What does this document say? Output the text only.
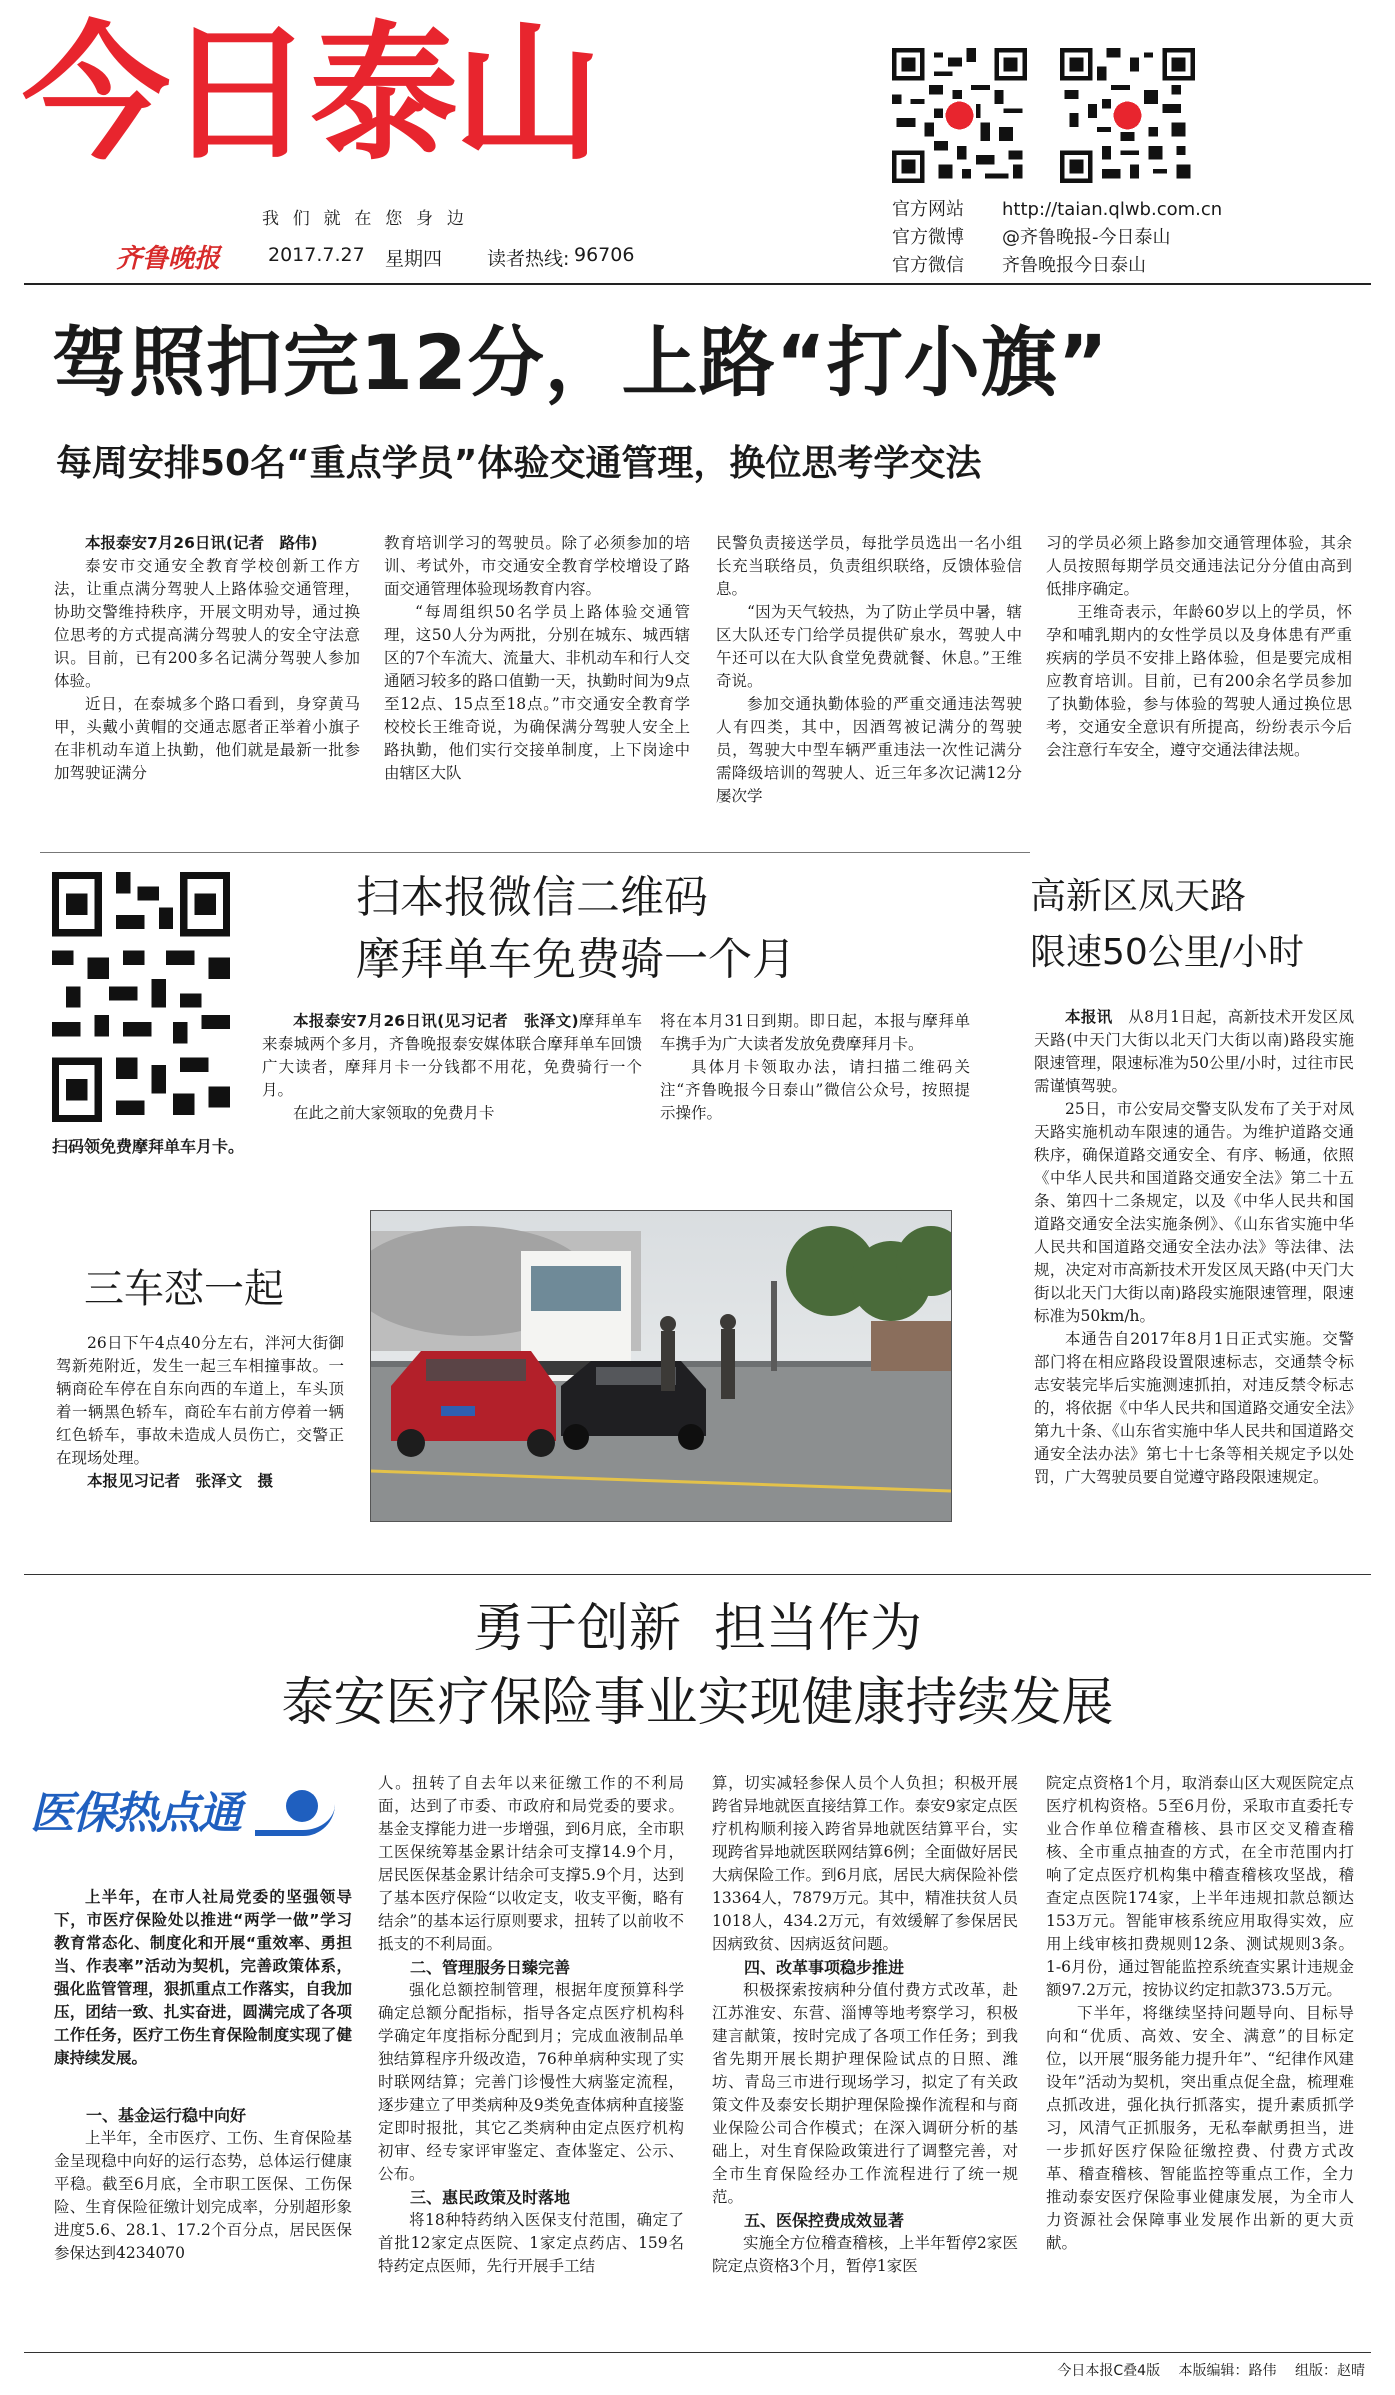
今日泰山
我  们  就  在  您  身  边
齐鲁晚报	2017.7.27 星期四 读者热线: 96706
官方网站 http://taian.qlwb.com.cn
官方微博 @齐鲁晚报-今日泰山
官方微信 齐鲁晚报今日泰山
驾照扣完12分，上路“打小旗”
每周安排50名“重点学员”体验交通管理，换位思考学交法

本报泰安7月26日讯(记者　路伟)

泰安市交通安全教育学校创新工作方法，让重点满分驾驶人上路体验交通管理，协助交警维持秩序，开展文明劝导，通过换位思考的方式提高满分驾驶人的安全守法意识。目前，已有200多名记满分驾驶人参加体验。

近日，在泰城多个路口看到，身穿黄马甲，头戴小黄帽的交通志愿者正举着小旗子在非机动车道上执勤，他们就是最新一批参加驾驶证满分

教育培训学习的驾驶员。除了必须参加的培训、考试外，市交通安全教育学校增设了路面交通管理体验现场教育内容。

“每周组织50名学员上路体验交通管理，这50人分为两批，分别在城东、城西辖区的7个车流大、流量大、非机动车和行人交通陋习较多的路口值勤一天，执勤时间为9点至12点、15点至18点。”市交通安全教育学校校长王维奇说，为确保满分驾驶人安全上路执勤，他们实行交接单制度，上下岗途中由辖区大队

民警负责接送学员，每批学员选出一名小组长充当联络员，负责组织联络，反馈体验信息。

“因为天气较热，为了防止学员中暑，辖区大队还专门给学员提供矿泉水，驾驶人中午还可以在大队食堂免费就餐、休息。”王维奇说。

参加交通执勤体验的严重交通违法驾驶人有四类，其中，因酒驾被记满分的驾驶员，驾驶大中型车辆严重违法一次性记满分需降级培训的驾驶人、近三年多次记满12分屡次学

习的学员必须上路参加交通管理体验，其余人员按照每期学员交通违法记分分值由高到低排序确定。

王维奇表示，年龄60岁以上的学员，怀孕和哺乳期内的女性学员以及身体患有严重疾病的学员不安排上路体验，但是要完成相应教育培训。目前，已有200余名学员参加了执勤体验，参与体验的驾驶人通过换位思考，交通安全意识有所提高，纷纷表示今后会注意行车安全，遵守交通法律法规。

扫码领免费摩拜单车月卡。
扫本报微信二维码
摩拜单车免费骑一个月

本报泰安7月26日讯(见习记者　张泽文)摩拜单车来泰城两个多月，齐鲁晚报泰安媒体联合摩拜单车回馈广大读者，摩拜月卡一分钱都不用花，免费骑行一个月。

在此之前大家领取的免费月卡

将在本月31日到期。即日起，本报与摩拜单车携手为广大读者发放免费摩拜月卡。

具体月卡领取办法，请扫描二维码关注“齐鲁晚报今日泰山”微信公众号，按照提示操作。

高新区凤天路
限速50公里/小时

本报讯　 从8月1日起，高新技术开发区凤天路(中天门大街以北天门大街以南)路段实施限速管理，限速标准为50公里/小时，过往市民需谨慎驾驶。

25日，市公安局交警支队发布了关于对凤天路实施机动车限速的通告。为维护道路交通秩序，确保道路交通安全、有序、畅通，依照《中华人民共和国道路交通安全法》第二十五条、第四十二条规定，以及《中华人民共和国道路交通安全法实施条例》、《山东省实施中华人民共和国道路交通安全法办法》等法律、法规，决定对市高新技术开发区凤天路(中天门大街以北天门大街以南)路段实施限速管理，限速标准为50km/h。

本通告自2017年8月1日正式实施。交警部门将在相应路段设置限速标志，交通禁令标志安装完毕后实施测速抓拍，对违反禁令标志的，将依据《中华人民共和国道路交通安全法》第九十条、《山东省实施中华人民共和国道路交通安全法办法》第七十七条等相关规定予以处罚，广大驾驶员要自觉遵守路段限速规定。

三车怼一起

26日下午4点40分左右，泮河大街御驾新苑附近，发生一起三车相撞事故。一辆商砼车停在自东向西的车道上，车头顶着一辆黑色轿车，商砼车右前方停着一辆红色轿车，事故未造成人员伤亡，交警正在现场处理。

本报见习记者　张泽文　摄

勇于创新  担当作为
泰安医疗保险事业实现健康持续发展
医保热点通

上半年，在市人社局党委的坚强领导下，市医疗保险处以推进“两学一做”学习教育常态化、制度化和开展“重效率、勇担当、作表率”活动为契机，完善政策体系，强化监管管理，狠抓重点工作落实，自我加压，团结一致、扎实奋进，圆满完成了各项工作任务，医疗工伤生育保险制度实现了健康持续发展。

一、基金运行稳中向好

上半年，全市医疗、工伤、生育保险基金呈现稳中向好的运行态势，总体运行健康平稳。截至6月底，全市职工医保、工伤保险、生育保险征缴计划完成率，分别超形象进度5.6、28.1、17.2个百分点，居民医保参保达到4234070

人。扭转了自去年以来征缴工作的不利局面，达到了市委、市政府和局党委的要求。基金支撑能力进一步增强，到6月底，全市职工医保统筹基金累计结余可支撑14.9个月，居民医保基金累计结余可支撑5.9个月，达到了基本医疗保险“以收定支，收支平衡，略有结余”的基本运行原则要求，扭转了以前收不抵支的不利局面。

二、管理服务日臻完善

强化总额控制管理，根据年度预算科学确定总额分配指标，指导各定点医疗机构科学确定年度指标分配到月；完成血液制品单独结算程序升级改造，76种单病种实现了实时联网结算；完善门诊慢性大病鉴定流程，逐步建立了甲类病种及9类免查体病种直接鉴定即时报批，其它乙类病种由定点医疗机构初审、经专家评审鉴定、查体鉴定、公示、公布。

三、惠民政策及时落地

将18种特药纳入医保支付范围，确定了首批12家定点医院、1家定点药店、159名特药定点医师，先行开展手工结

算，切实减轻参保人员个人负担；积极开展跨省异地就医直接结算工作。泰安9家定点医疗机构顺利接入跨省异地就医结算平台，实现跨省异地就医联网结算6例；全面做好居民大病保险工作。到6月底，居民大病保险补偿13364人，7879万元。其中，精准扶贫人员1018人，434.2万元，有效缓解了参保居民因病致贫、因病返贫问题。

四、改革事项稳步推进

积极探索按病种分值付费方式改革，赴江苏淮安、东营、淄博等地考察学习，积极建言献策，按时完成了各项工作任务；到我省先期开展长期护理保险试点的日照、潍坊、青岛三市进行现场学习，拟定了有关政策文件及泰安长期护理保险操作流程和与商业保险公司合作模式；在深入调研分析的基础上，对生育保险政策进行了调整完善，对全市生育保险经办工作流程进行了统一规范。

五、医保控费成效显著

实施全方位稽查稽核，上半年暂停2家医院定点资格3个月，暂停1家医

院定点资格1个月，取消泰山区大观医院定点医疗机构资格。5至6月份，采取市直委托专业合作单位稽查稽核、县市区交叉稽查稽核、全市重点抽查的方式，在全市范围内打响了定点医疗机构集中稽查稽核攻坚战，稽查定点医院174家，上半年违规扣款总额达153万元。智能审核系统应用取得实效，应用上线审核扣费规则12条、测试规则3条。1-6月份，通过智能监控系统查实累计违规金额97.2万元，按协议约定扣款373.5万元。

下半年，将继续坚持问题导向、目标导向和“优质、高效、安全、满意”的目标定位，以开展“服务能力提升年”、“纪律作风建设年”活动为契机，突出重点促全盘，梳理难点抓改进，强化执行抓落实，提升素质抓学习，风清气正抓服务，无私奉献勇担当，进一步抓好医疗保险征缴控费、付费方式改革、稽查稽核、智能监控等重点工作，全力推动泰安医疗保险事业健康发展，为全市人力资源社会保障事业发展作出新的更大贡献。

今日本报C叠4版　 本版编辑：路伟　 组版：赵晴
